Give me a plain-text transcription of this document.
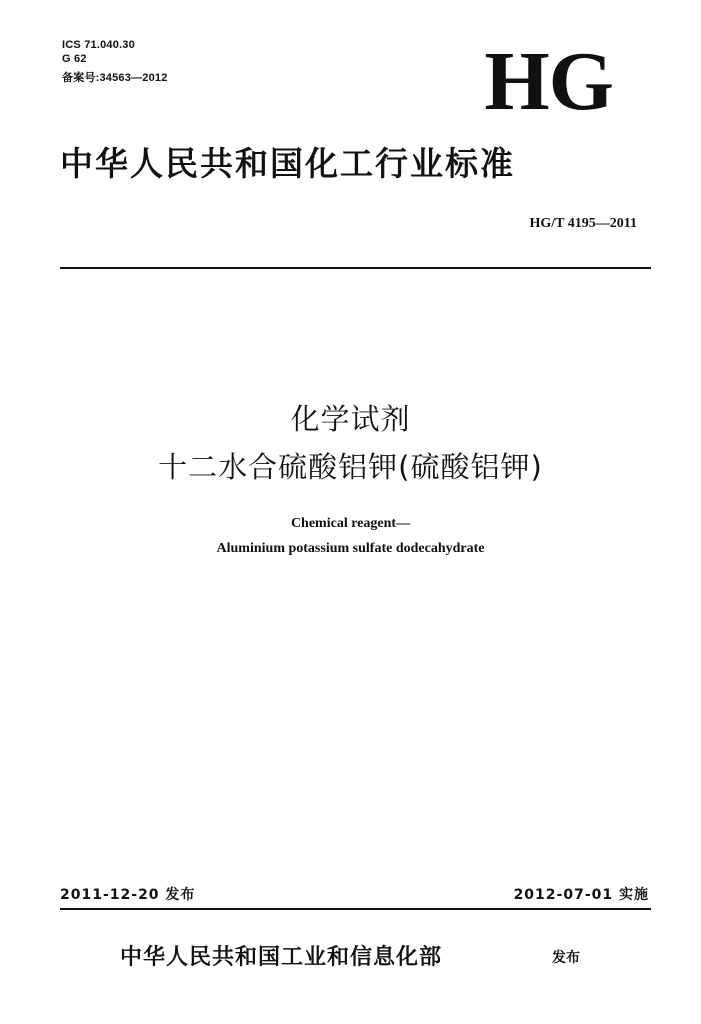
ICS 71.040.30
G 62
备案号:34563—2012	HG
中华人民共和国化工行业标准
HG/T 4195—2011
化学试剂
十二水合硫酸铝钾(硫酸铝钾)
Chemical reagent—
Aluminium potassium sulfate dodecahydrate
2011-12-20 发布	2012-07-01 实施
中华人民共和国工业和信息化部	发布
